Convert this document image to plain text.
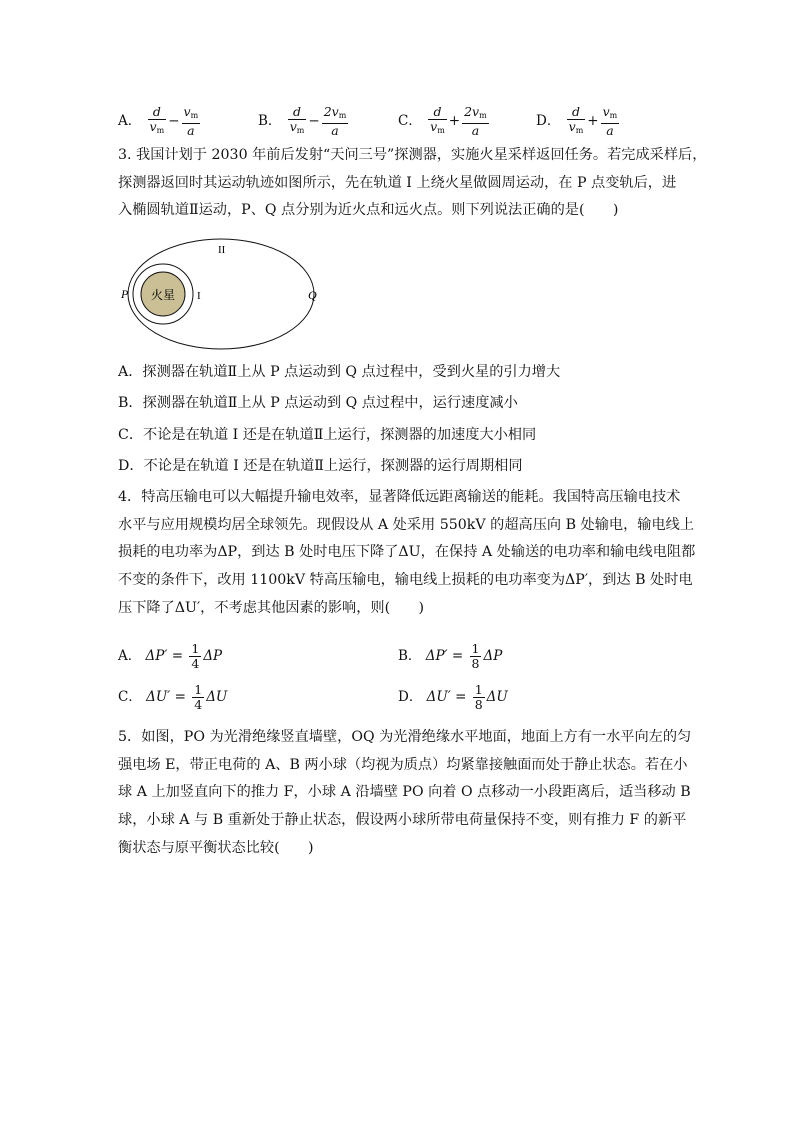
A． $\frac{d}{v_m} - \frac{v_m}{a}$	B． $\frac{d}{v_m} - \frac{2v_m}{a}$	C． $\frac{d}{v_m} + \frac{2v_m}{a}$	D． $\frac{d}{v_m} + \frac{v_m}{a}$
3. 我国计划于 2030 年前后发射“天问三号”探测器，实施火星采样返回任务。若完成采样后，
探测器返回时其运动轨迹如图所示，先在轨道 I 上绕火星做圆周运动，在 P 点变轨后，进
入椭圆轨道Ⅱ运动，P、Q 点分别为近火点和远火点。则下列说法正确的是(　　)
火星
II
I
P	Q
A．探测器在轨道Ⅱ上从 P 点运动到 Q 点过程中，受到火星的引力增大
B．探测器在轨道Ⅱ上从 P 点运动到 Q 点过程中，运行速度减小
C．不论是在轨道 I 还是在轨道Ⅱ上运行，探测器的加速度大小相同
D．不论是在轨道 I 还是在轨道Ⅱ上运行，探测器的运行周期相同
4．特高压输电可以大幅提升输电效率，显著降低远距离输送的能耗。我国特高压输电技术
水平与应用规模均居全球领先。现假设从 A 处采用 550kV 的超高压向 B 处输电，输电线上
损耗的电功率为ΔP，到达 B 处时电压下降了ΔU，在保持 A 处输送的电功率和输电线电阻都
不变的条件下，改用 1100kV 特高压输电，输电线上损耗的电功率变为ΔP′，到达 B 处时电
压下降了ΔU′，不考虑其他因素的影响，则(　　)
A． $\Delta P' = \frac{1}{4}$ ΔP	B． $\Delta P' = \frac{1}{8}$ ΔP
C． $\Delta U' = \frac{1}{4}$ ΔU	D． $\Delta U' = \frac{1}{8}$ ΔU
5．如图，PO 为光滑绝缘竖直墙壁，OQ 为光滑绝缘水平地面，地面上方有一水平向左的匀
强电场 E，带正电荷的 A、B 两小球（均视为质点）均紧靠接触面而处于静止状态。若在小
球 A 上加竖直向下的推力 F，小球 A 沿墙壁 PO 向着 O 点移动一小段距离后，适当移动 B
球，小球 A 与 B 重新处于静止状态，假设两小球所带电荷量保持不变，则有推力 F 的新平
衡状态与原平衡状态比较(　　)
